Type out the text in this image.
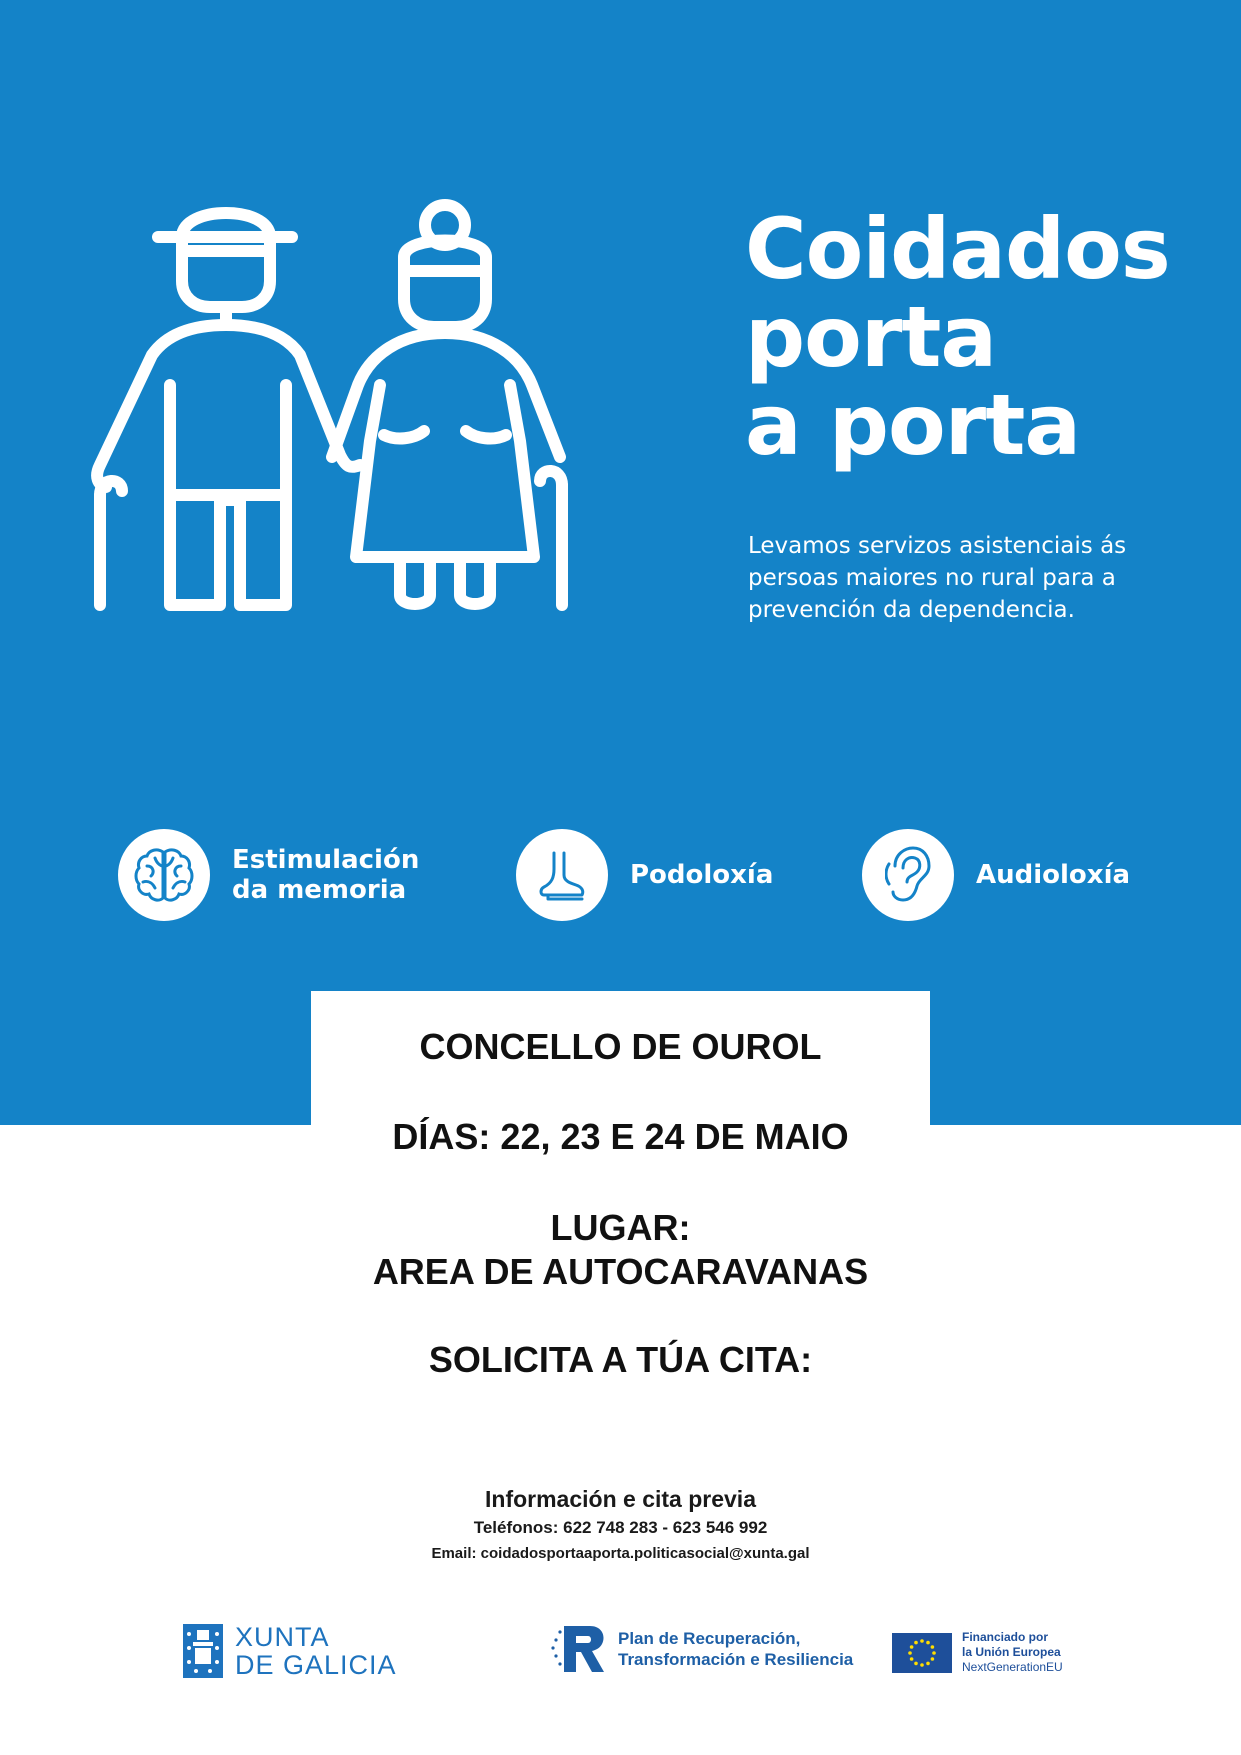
Coidados
porta
a porta
Levamos servizos asistenciais ás persoas maiores no rural para a prevención da dependencia.
Estimulación
da memoria	Podoloxía	Audioloxía
CONCELLO DE OUROL
DÍAS: 22, 23 E 24 DE MAIO
LUGAR:
AREA DE AUTOCARAVANAS
SOLICITA A TÚA CITA:
Información e cita previa
Teléfonos: 622 748 283 - 623 546 992
Email: coidadosportaaporta.politicasocial@xunta.gal
XUNTA
DE GALICIA
Plan de Recuperación,
Transformación e Resiliencia
Financiado por
la Unión Europea
NextGenerationEU
